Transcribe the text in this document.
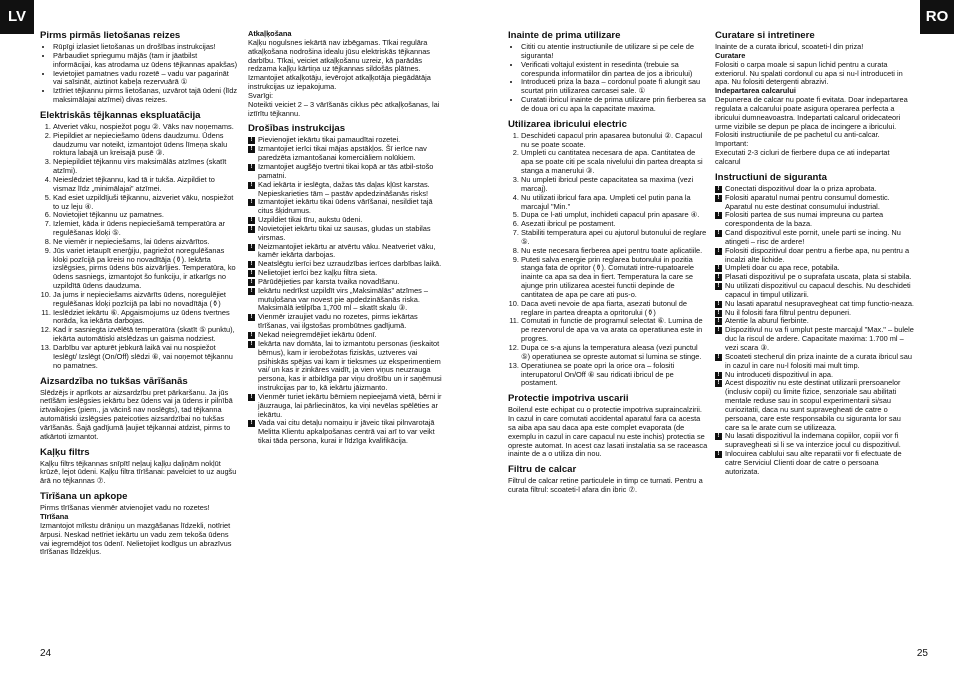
LV	RO
Pirms pirmās lietošanas reizes
• Rūpīgi izlasiet lietošanas un drošības instrukcijas!
• Pārbaudiet spriegumu mājās (tam ir jāatbilst informācijai, kas atrodama uz ūdens tējkannas apakšas)
• Ievietojiet pamatnes vadu rozetē – vadu var pagarināt vai saīsināt, aiztinot kabeļa rezervuārā ①
• Iztīriet tējkannu pirms lietošanas, uzvārot tajā ūdeni (līdz maksimālajai atzīmei) divas reizes.
Elektriskās tējkannas ekspluatācija
1. Atveriet vāku, nospiežot pogu ②. Vāks nav noņemams.
2. Piepildiet ar nepieciešamo ūdens daudzumu. Ūdens daudzumu var noteikt, izmantojot ūdens līmeņa skalu roktura labajā un kreisajā pusē ③.
3. Nepiepildiet tējkannu virs maksimālās atzīmes (skatīt atzīmi).
4. Neieslēdziet tējkannu, kad tā ir tukša. Aizpildiet to vismaz līdz „minimālajai” atzīmei.
5. Kad esiet uzpildījuši tējkannu, aizveriet vāku, nospiežot to uz leju ④.
6. Novietojiet tējkannu uz pamatnes.
7. Izlemiet, kāda ir ūdens nepieciešamā temperatūra ar regulēšanas kloķi ⑤.
8. Ne viemēr ir nepieciešams, lai ūdens aizvārītos.
9. Jūs variet ietaupīt enerģiju, pagriežot noregulēšanas kloķi pozīcijā pa kreisi no novadītāja (⚱). Iekārta izslēgsies, pirms ūdens būs aizvārījies. Temperatūra, ko ūdens sasniegs, izmantojot šo funkciju, ir atkarīgs no uzpildītā ūdens daudzuma.
10. Ja jums ir nepieciešams aizvārīts ūdens, noregulējiet regulēšanas kloķi pozīcijā pa labi no novadītāja (⚱)
11. Ieslēdziet iekārtu ⑥. Apgaismojums uz ūdens tvertnes norāda, ka iekārta darbojas.
12. Kad ir sasniegta izvēlētā temperatūra (skatīt ⑤ punktu), iekārta automātiski atslēdzas un gaisma nodziest.
13. Darbību var apturēt jebkurā laikā vai nu nospiežot Ieslēgt/ Izslēgt (On/Off) slēdzi ⑥, vai noņemot tējkannu no pamatnes.
Aizsardzība no tukšas vārīšanās

Slēdzējs ir aprīkots ar aizsardzību pret pārkaršanu. Ja jūs netīšām ieslēgsies iekārtu bez ūdens vai ja ūdens ir pilnībā iztvaikojies (piem., ja vācinš nav noslēgts), tad tējkanna automātiski izslēgsies pateicoties aizsardzībai no tukšas vārīšanās. Šajā gadījumā ļaujiet tējkannai atdzist, pirms to atkārtoti izmantot.

Kaļķu filtrs

Kaļķu filtrs tējkannas snīpītī neļauj kaļķu daļiņām nokļūt krūzē, lejot ūdeni. Kaļķu filtra tīrīšanai: pavelciet to uz augšu ārā no tējkannas ⑦.

Tīrīšana un apkope

Pirms tīrīšanas vienmēr atvienojiet vadu no rozetes!

Tīrīšana

Izmantojot mīkstu drāniņu un mazgāšanas līdzekli, notīriet ārpusi. Neskad netīriet iekārtu un vadu zem tekoša ūdens vai iegremdējot tos ūdenī. Nelietojiet kodīgus un abrazīvus tīrīšanas līdzekļus.

Atkaļķošana

Kaļķu nogulsnes iekārtā nav izbēgamas. Tīkai regulāra atkaļķošana nodrošina idealu jūsu elektriskās tējkannas darbību. Tīkai, veiciet atkaļķošanu uzreiz, kā parādās redzama kaļķu kārtiņa uz tējkannas sildošās plātnes. Izmantojiet atkaļķotāju, ievērojot atkaļķotāja piegādātāja instrukcijas uz iepakojuma.

Svarīgi:

Noteikti veiciet 2 – 3 vārīšanās ciklus pēc atkaļķošanas, lai iztīrītu tējkannu.

Drošības instrukcijas

! Pievienojiet iekārtu tikai pamaudītai rozetei.

! Izmantojiet ierīci tikai mājas apstākļos. Šī ierīce nav paredzēta izmantošanai komerciāliem nolūkiem.

! Izmantojiet augšējo tvertni tikai kopā ar tās atbil-stošo pamatni.

! Kad iekārta ir ieslēgta, dažas tās daļas kļūst karstas. Nepieskarieties tām – pastāv apdedzināšanās risks!

! Izmantojiet iekārtu tikai ūdens vārīšanai, nesildiet tajā citus šķidrumus.

! Uzpildiet tikai tīru, aukstu ūdeni.

! Novietojiet iekārtu tikai uz sausas, gludas un stabilas virsmas.

! Neizmantojiet iekārtu ar atvērtu vāku. Neatveriet vāku, kamēr iekārta darbojas.

! Neatslēgtu ierīci bez uzraudzības ierīces darbības laikā.

! Nelietojiet ierīci bez kaļķu filtra sieta.

! Pārūdējieties par karsta tvaika novadīšanu.

! Iekārtu nedrīkst uzpildīt virs „Maksimālās” atzīmes – mutuļošana var novest pie apdedzināšanās riska. Maksimālā ietilpība 1,700 ml – skatīt skalu ③.

! Vienmēr izraujiet vadu no rozetes, pirms iekārtas tīrīšanas, vai ilgstošas prombūtnes gadījumā.

! Nekad neiegremdējiet iekārtu ūdenī.

! Iekārta nav domāta, lai to izmantotu personas (ieskaitot bērnus), kam ir ierobežotas fiziskās, uztveres vai psihiskās spējas vai kam ir tieksmes uz eksperimentiem vai/ un kas ir zinkāres vaidīt, ja vien viņus neuzrauga persona, kas ir atbildīga par viņu drošību un ir saņēmusi instrukcijas par to, kā iekārtu jāizmanto.

! Vienmēr turiet iekārtu bērniem nepieejamā vietā, bērni ir jāuzrauga, lai pārliecinātos, ka viņi nevēlas spēlēties ar iekārtu.

! Vada vai citu detaļu nomaiņu ir jāveic tikai pilnvarotajā Melitta Klientu apkalpošanas centrā vai arī to var veikt tikai tāda persona, kurai ir līdzīga kvalifikācija.

Inainte de prima utilizare
• Cititi cu atentie instructiunile de utilizare si pe cele de siguranta!
• Verificati voltajul existent in resedinta (trebuie sa corespunda informatiilor din partea de jos a ibricului)
• Introduceti priza la baza – cordonul poate fi alungit sau scurtat prin utilizarea carcasei sale. ①
• Curatati ibricul inainte de prima utilizare prin fierberea sa de doua ori cu apa la capacitate maxima.
Utilizarea ibricului electric
1. Deschideti capacul prin apasarea butonului ②. Capacul nu se poate scoate.
2. Umpleti cu cantitatea necesara de apa. Cantitatea de apa se poate citi pe scala nivelului din partea dreapta si stanga a manerului ③.
3. Nu umpleti ibricul peste capacitatea sa maxima (vezi marcaj).
4. Nu utilizati ibricul fara apa. Umpleti cel putin pana la marcajul "Min."
5. Dupa ce l-ati umplut, inchideti capacul prin apasare ④.
6. Asezati ibricul pe postament.
7. Stabiliti temperatura apei cu ajutorul butonului de reglare ⑤.
8. Nu este necesara fierberea apei pentru toate aplicatiile.
9. Puteti salva energie prin reglarea butonului in pozitia stanga fata de opritor (⚱). Comutati intre-rupatoarele inainte ca apa sa dea in fiert. Temperatura la care se ajunge prin utilizarea acestei functii depinde de cantitatea de apa pe care ati pus-o.
10. Daca aveti nevoie de apa fiarta, asezati butonul de reglare in partea dreapta a opritorului (⚱)
11. Comutati in functie de programul selectat ⑥. Lumina de pe rezervorul de apa va va arata ca operatiunea este in progres.
12. Dupa ce s-a ajuns la temperatura aleasa (vezi punctul ⑤) operatiunea se opreste automat si lumina se stinge.
13. Operatiunea se poate opri la orice ora – folositi interupatorul On/Off ⑥ sau ridicati ibricul de pe postament.
Protectie impotriva uscarii

Boilerul este echipat cu o protectie impotriva supraincalzirii. In cazul in care comutati accidental aparatul fara ca acesta sa aiba apa sau daca apa este complet evaporata (de exemplu in cazul in care capacul nu este inchis) protectia se opreste automat. In acest caz lasati instalatia sa se raceasca inainte de a o utiliza din nou.

Filtru de calcar

Filtrul de calcar retine particulele in timp ce turnati. Pentru a curata filtrul: scoateti-l afara din ibric ⑦.

Curatare si intretinere

Inainte de a curata ibricul, scoateti-l din priza!

Curatare

Folositi o carpa moale si sapun lichid pentru a curata exteriorul. Nu spalati cordonul cu apa si nu-l introduceti in apa. Nu folositi detergenti abrazivi.

Indepartarea calcarului

Depunerea de calcar nu poate fi evitata. Doar indepartarea regulata a calcarului poate asigura operarea perfecta a ibricului dumneavoastra. Indepartati calcarul oridecateori urme vizibile se depun pe placa de incingere a ibricului. Folositi instructiunile de pe pachetul cu anti-calcar.

Important:

Executati 2-3 cicluri de fierbere dupa ce ati indepartat calcarul

Instructiuni de siguranta

! Conectati dispozitivul doar la o priza aprobata.

! Folositi aparatul numai pentru consumul domestic. Aparatul nu este destinat consumului industrial.

! Folositi partea de sus numai impreuna cu partea corespondenta de la baza.

! Cand dispozitivul este pornit, unele parti se incing. Nu atingeti – risc de ardere!

! Folositi dispozitivul doar pentru a fierbe apa, nu pentru a incalzi alte lichide.

! Umpleti doar cu apa rece, potabila.

! Plasati dispozitivul pe o suprafata uscata, plata si stabila.

! Nu utilizati dispozitivul cu capacul deschis. Nu deschideti capacul in timpul utilizarii.

! Nu lasati aparatul nesupravegheat cat timp functio-neaza.

! Nu il folositi fara filtrul pentru depuneri.

! Atentie la aburul fierbinte.

! Dispozitivul nu va fi umplut peste marcajul "Max." – bulele duc la riscul de ardere. Capacitate maxima: 1.700 ml – vezi scara ③.

! Scoateti stecherul din priza inainte de a curata ibricul sau in cazul in care nu-l folositi mai mult timp.

! Nu introduceti dispozitivul in apa.

! Acest dispozitiv nu este destinat utilizarii prersoanelor (inclusiv copii) cu limite fizice, senzoriale sau abilitati mentale reduse sau in scopul experimentarii si/sau curiozitatii, daca nu sunt supravegheati de catre o persoana, care este responsabila cu siguranta lor sau care sa le arate cum se utilizeaza.

! Nu lasati dispozitivul la indemana copiilor, copiii vor fi supravegheati si li se va interzice jocul cu dispozitivul.

! Inlocuirea cablului sau alte reparatii vor fi efectuate de catre Serviciul Clienti doar de catre o persoana autorizata.

24	25
